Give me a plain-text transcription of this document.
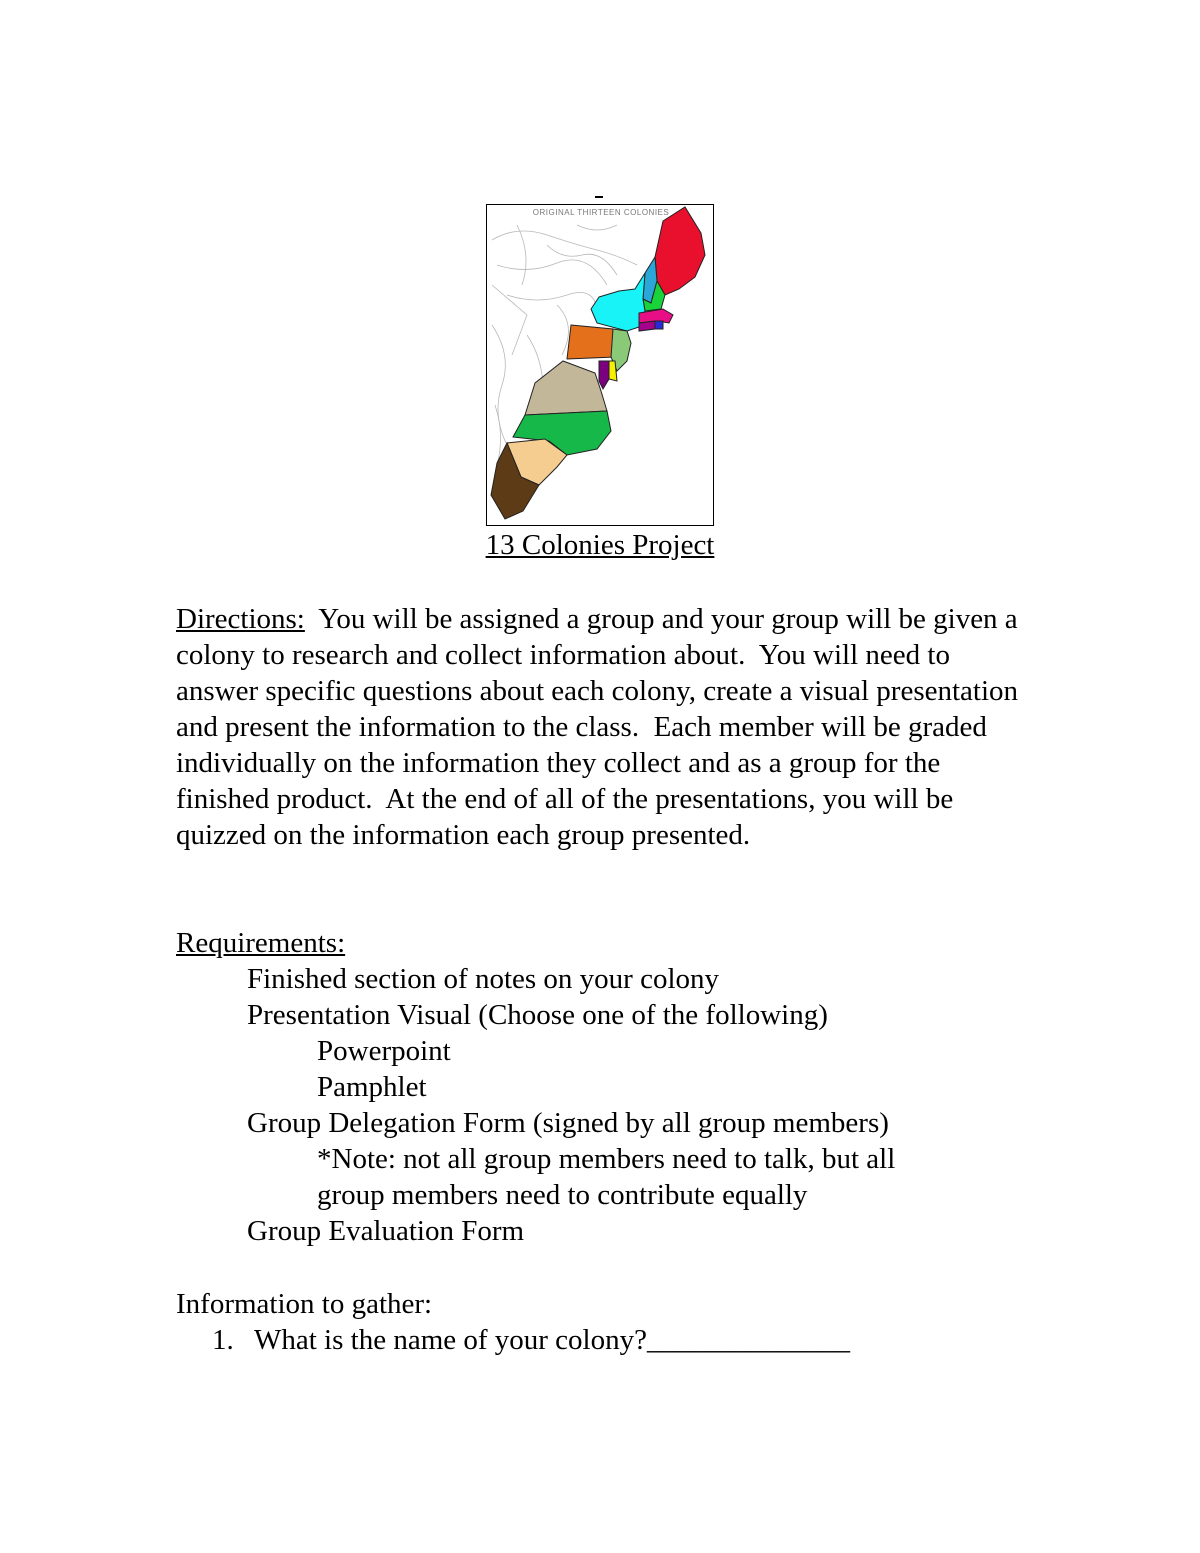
ORIGINAL THIRTEEN COLONIES
13 Colonies Project
Directions:  You will be assigned a group and your group will be given a colony to research and collect information about.  You will need to answer specific questions about each colony, create a visual presentation and present the information to the class.  Each member will be graded individually on the information they collect and as a group for the finished product.  At the end of all of the presentations, you will be quizzed on the information each group presented.
Requirements:
Finished section of notes on your colony
Presentation Visual (Choose one of the following)
Powerpoint
Pamphlet
Group Delegation Form (signed by all group members)
*Note: not all group members need to talk, but all
group members need to contribute equally
Group Evaluation Form
Information to gather:
1. What is the name of your colony?______________
